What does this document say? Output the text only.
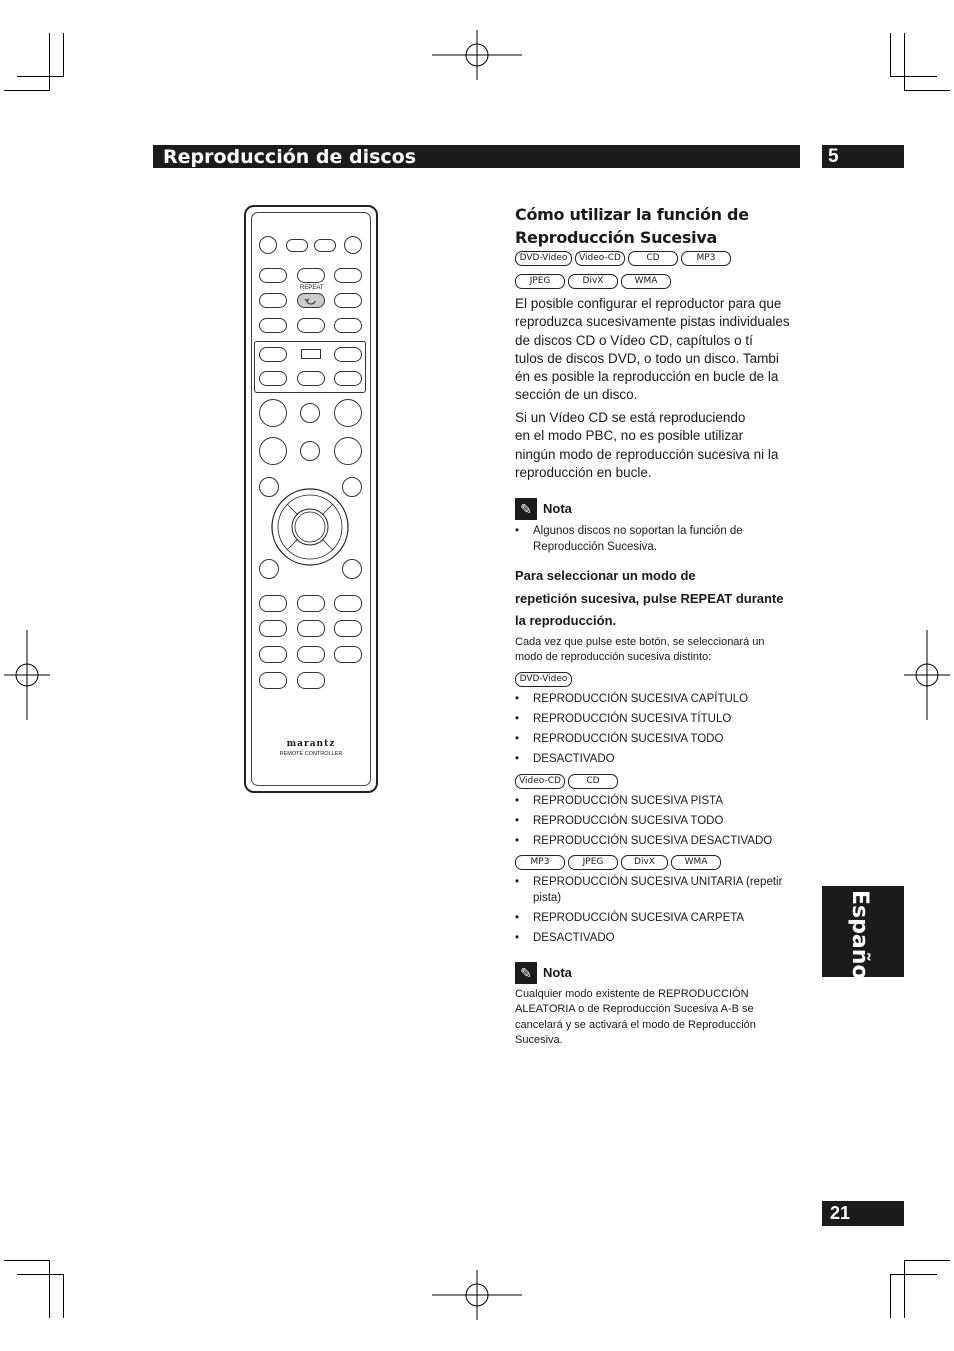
Reproducción de discos	5
Español
21
REPEAT
marantz
REMOTE CONTROLLER
Cómo utilizar la función de
Reproducción Sucesiva
DVD-Video	Video-CD	CD	MP3
JPEG	DivX	WMA
El posible configurar el reproductor para que
reproduzca sucesivamente pistas individuales
de discos CD o Vídeo CD, capítulos o tí
tulos de discos DVD, o todo un disco. Tambi
én es posible la reproducción en bucle de la
sección de un disco.
Si un Vídeo CD se está reproduciendo
en el modo PBC, no es posible utilizar
ningún modo de reproducción sucesiva ni la
reproducción en bucle.
✎ Nota
• Algunos discos no soportan la función de
Reproducción Sucesiva.
Para seleccionar un modo de
repetición sucesiva, pulse REPEAT durante
la reproducción.
Cada vez que pulse este botón, se seleccionará un
modo de reproducción sucesiva distinto:
DVD-Video
• REPRODUCCIÓN SUCESIVA CAPÍTULO
• REPRODUCCIÓN SUCESIVA TÍTULO
• REPRODUCCIÓN SUCESIVA TODO
• DESACTIVADO
Video-CD	CD
• REPRODUCCIÓN SUCESIVA PISTA
• REPRODUCCIÓN SUCESIVA TODO
• REPRODUCCIÓN SUCESIVA DESACTIVADO
MP3	JPEG	DivX	WMA
• REPRODUCCIÓN SUCESIVA UNITARIA (repetir
pista)
• REPRODUCCIÓN SUCESIVA CARPETA
• DESACTIVADO
✎ Nota
Cualquier modo existente de REPRODUCCIÓN
ALEATORIA o de Reproducción Sucesiva A-B se
cancelará y se activará el modo de Reproducción
Sucesiva.
